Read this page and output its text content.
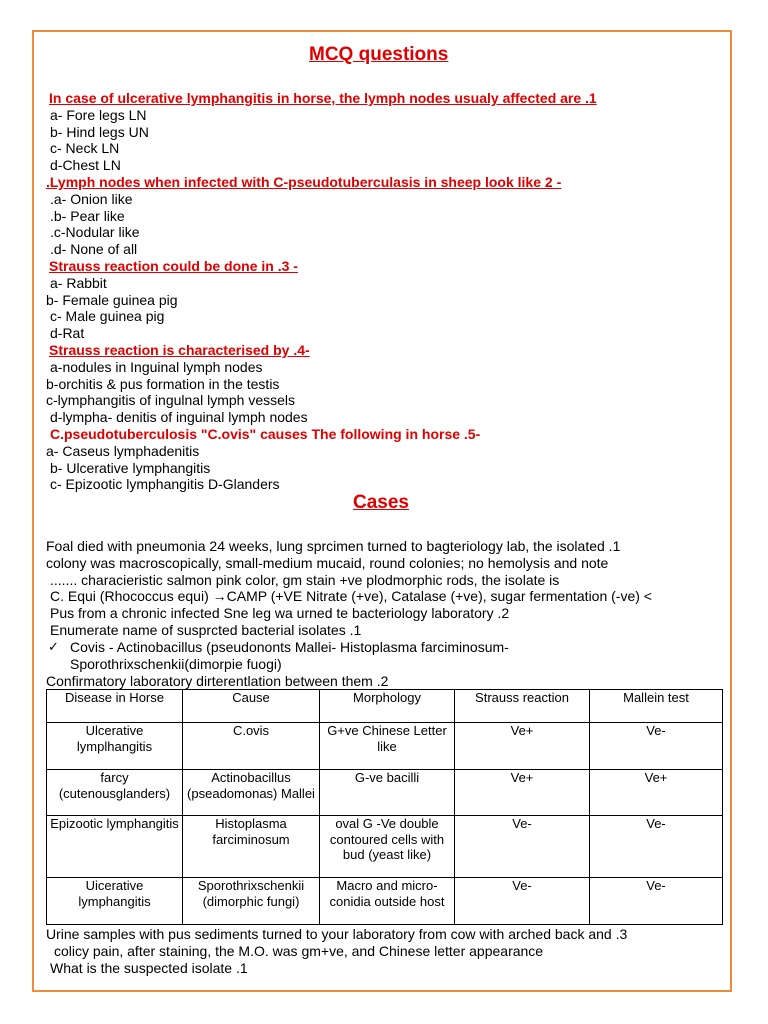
MCQ questions
In case of ulcerative lymphangitis in horse, the lymph nodes usualy affected are .1
a- Fore legs LN
b- Hind legs UN
c- Neck LN
d-Chest LN
.Lymph nodes when infected with C-pseudotuberculasis in sheep look like 2 -
.a- Onion like
.b- Pear like
.c-Nodular like
.d- None of all
Strauss reaction could be done in .3 -
a- Rabbit
b- Female guinea pig
c- Male guinea pig
d-Rat
Strauss reaction is characterised by .4-
a-nodules in Inguinal lymph nodes
b-orchitis & pus formation in the testis
c-lymphangitis of ingulnal lymph vessels
d-lympha- denitis of inguinal lymph nodes
C.pseudotuberculosis "C.ovis" causes The following in horse .5-
a- Caseus lymphadenitis
b- Ulcerative lymphangitis
c- Epizootic lymphangitis D-Glanders
Cases
Foal died with pneumonia 24 weeks, lung sprcimen turned to bagteriology lab, the isolated .1
colony was macroscopically, small-medium mucaid, round colonies; no hemolysis and note
....... characieristic salmon pink color, gm stain +ve plodmorphic rods, the isolate is
C. Equi (Rhococcus equi) →CAMP (+VE Nitrate (+ve), Catalase (+ve), sugar fermentation (-ve) <
Pus from a chronic infected Sne leg wa urned te bacteriology laboratory .2
Enumerate name of susprcted bacterial isolates .1
✓ Covis - Actinobacillus (pseudononts Mallei- Histoplasma farciminosum-
Sporothrixschenkii(dimorpie fuogi)
Confirmatory laboratory dirterentlation between them .2
Disease in Horse	Cause	Morphology	Strauss reaction	Mallein test
Ulcerative lymplhangitis	C.ovis	G+ve Chinese Letter like	Ve+	Ve-
farcy (cutenousglanders)	Actinobacillus (pseadomonas) Mallei	G-ve bacilli	Ve+	Ve+
Epizootic lymphangitis	Histoplasma farciminosum	oval G -Ve double contoured cells with bud (yeast like)	Ve-	Ve-
Uicerative lymphangitis	Sporothrixschenkii (dimorphic fungi)	Macro and micro-conidia outside host	Ve-	Ve-
Urine samples with pus sediments turned to your laboratory from cow with arched back and .3
colicy pain, after staining, the M.O. was gm+ve, and Chinese letter appearance
What is the suspected isolate .1
